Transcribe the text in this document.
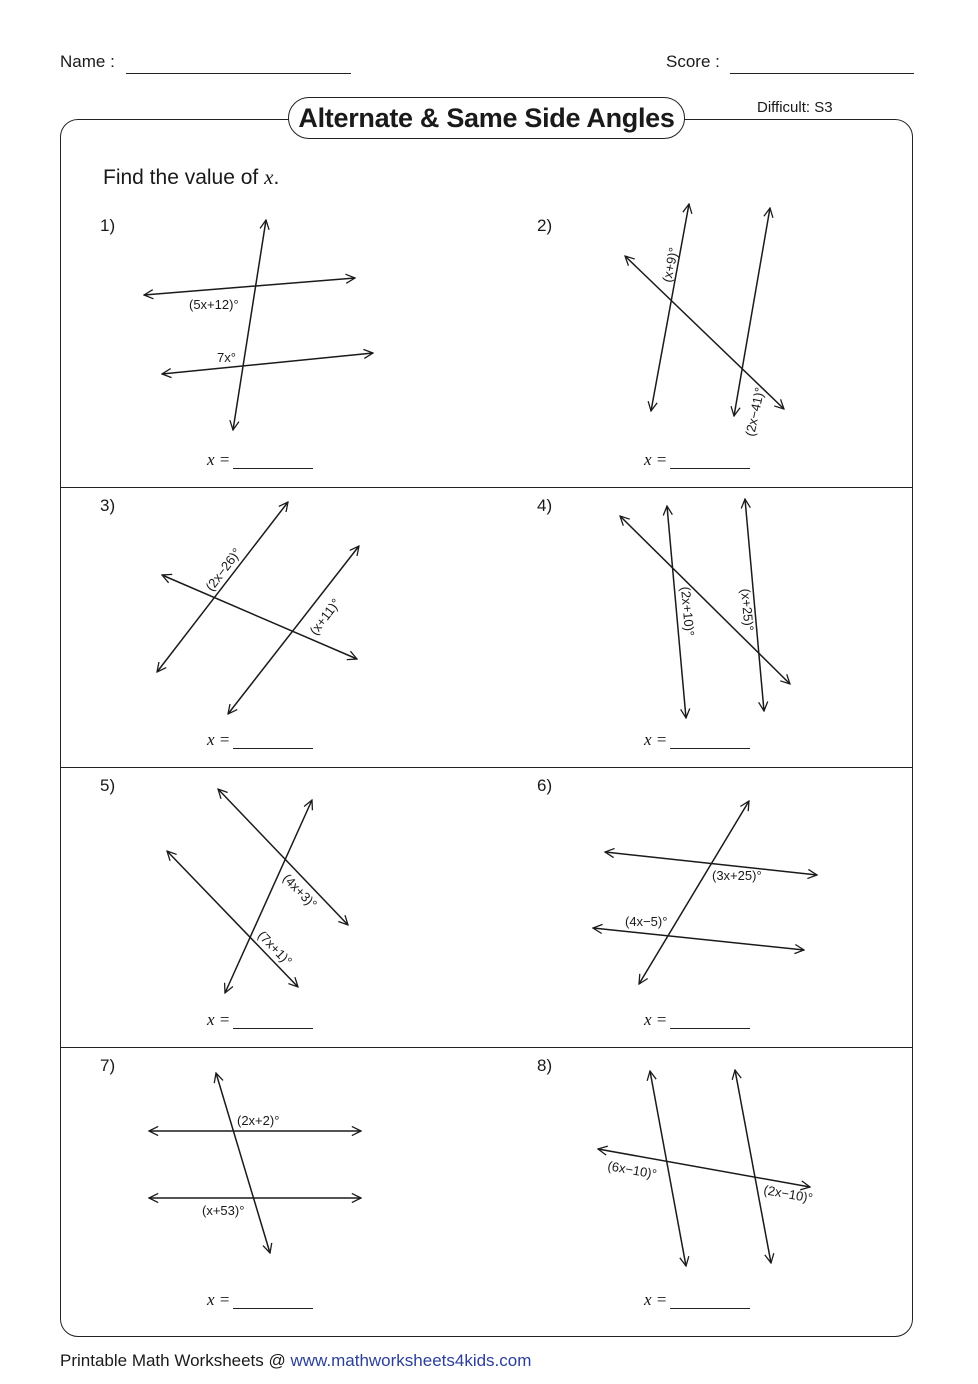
Name :	Score :
Alternate & Same Side Angles	Difficult: S3
Find the value of x.
1)	2)
3)	4)
5)	6)
7)	8)
x =	x =
x =	x =
x =	x =
x =	x =
(5x+12)°
7x°
(x+9)°
(2x−41)°
(2x−26)°
(x+11)°	(2x+10)°	(x+25)°
(4x+3)°
(7x+1)°
(3x+25)°
(4x−5)°
(2x+2)°
(x+53)°
(6x−10)°
(2x−10)°
Printable Math Worksheets @ www.mathworksheets4kids.com
